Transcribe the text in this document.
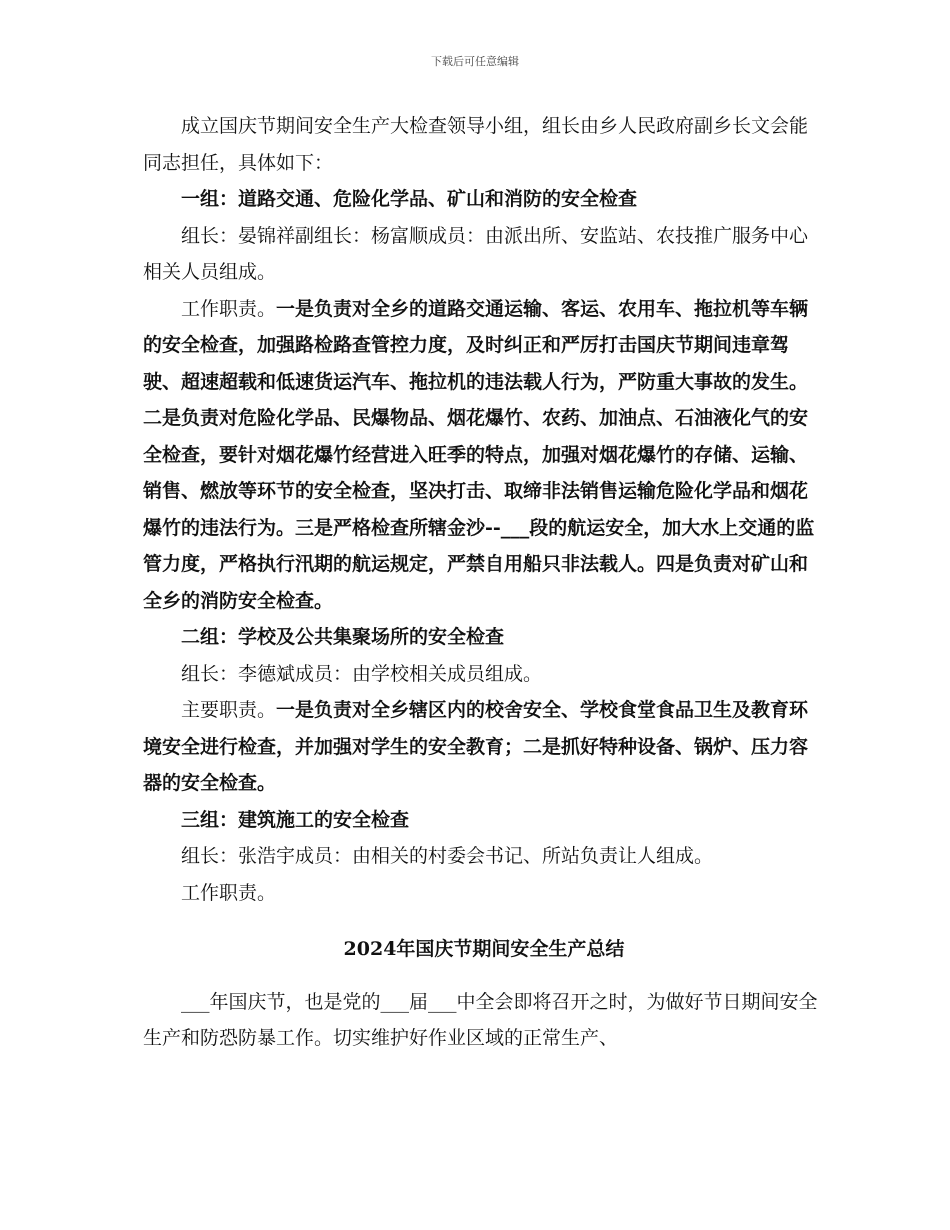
下载后可任意编辑

成立国庆节期间安全生产大检查领导小组，组长由乡人民政府副乡长文会能同志担任，具体如下：

一组：道路交通、危险化学品、矿山和消防的安全检查

组长：晏锦祥副组长：杨富顺成员：由派出所、安监站、农技推广服务中心相关人员组成。

工作职责。一是负责对全乡的道路交通运输、客运、农用车、拖拉机等车辆的安全检查，加强路检路查管控力度，及时纠正和严厉打击国庆节期间违章驾驶、超速超载和低速货运汽车、拖拉机的违法载人行为，严防重大事故的发生。二是负责对危险化学品、民爆物品、烟花爆竹、农药、加油点、石油液化气的安全检查，要针对烟花爆竹经营进入旺季的特点，加强对烟花爆竹的存储、运输、销售、燃放等环节的安全检查，坚决打击、取缔非法销售运输危险化学品和烟花爆竹的违法行为。三是严格检查所辖金沙--___段的航运安全，加大水上交通的监管力度，严格执行汛期的航运规定，严禁自用船只非法载人。四是负责对矿山和全乡的消防安全检查。

二组：学校及公共集聚场所的安全检查

组长：李德斌成员：由学校相关成员组成。

主要职责。一是负责对全乡辖区内的校舍安全、学校食堂食品卫生及教育环境安全进行检查，并加强对学生的安全教育；二是抓好特种设备、锅炉、压力容器的安全检查。

三组：建筑施工的安全检查

组长：张浩宇成员：由相关的村委会书记、所站负责让人组成。

工作职责。

2024年国庆节期间安全生产总结

___年国庆节，也是党的___届___中全会即将召开之时，为做好节日期间安全生产和防恐防暴工作。切实维护好作业区域的正常生产、
